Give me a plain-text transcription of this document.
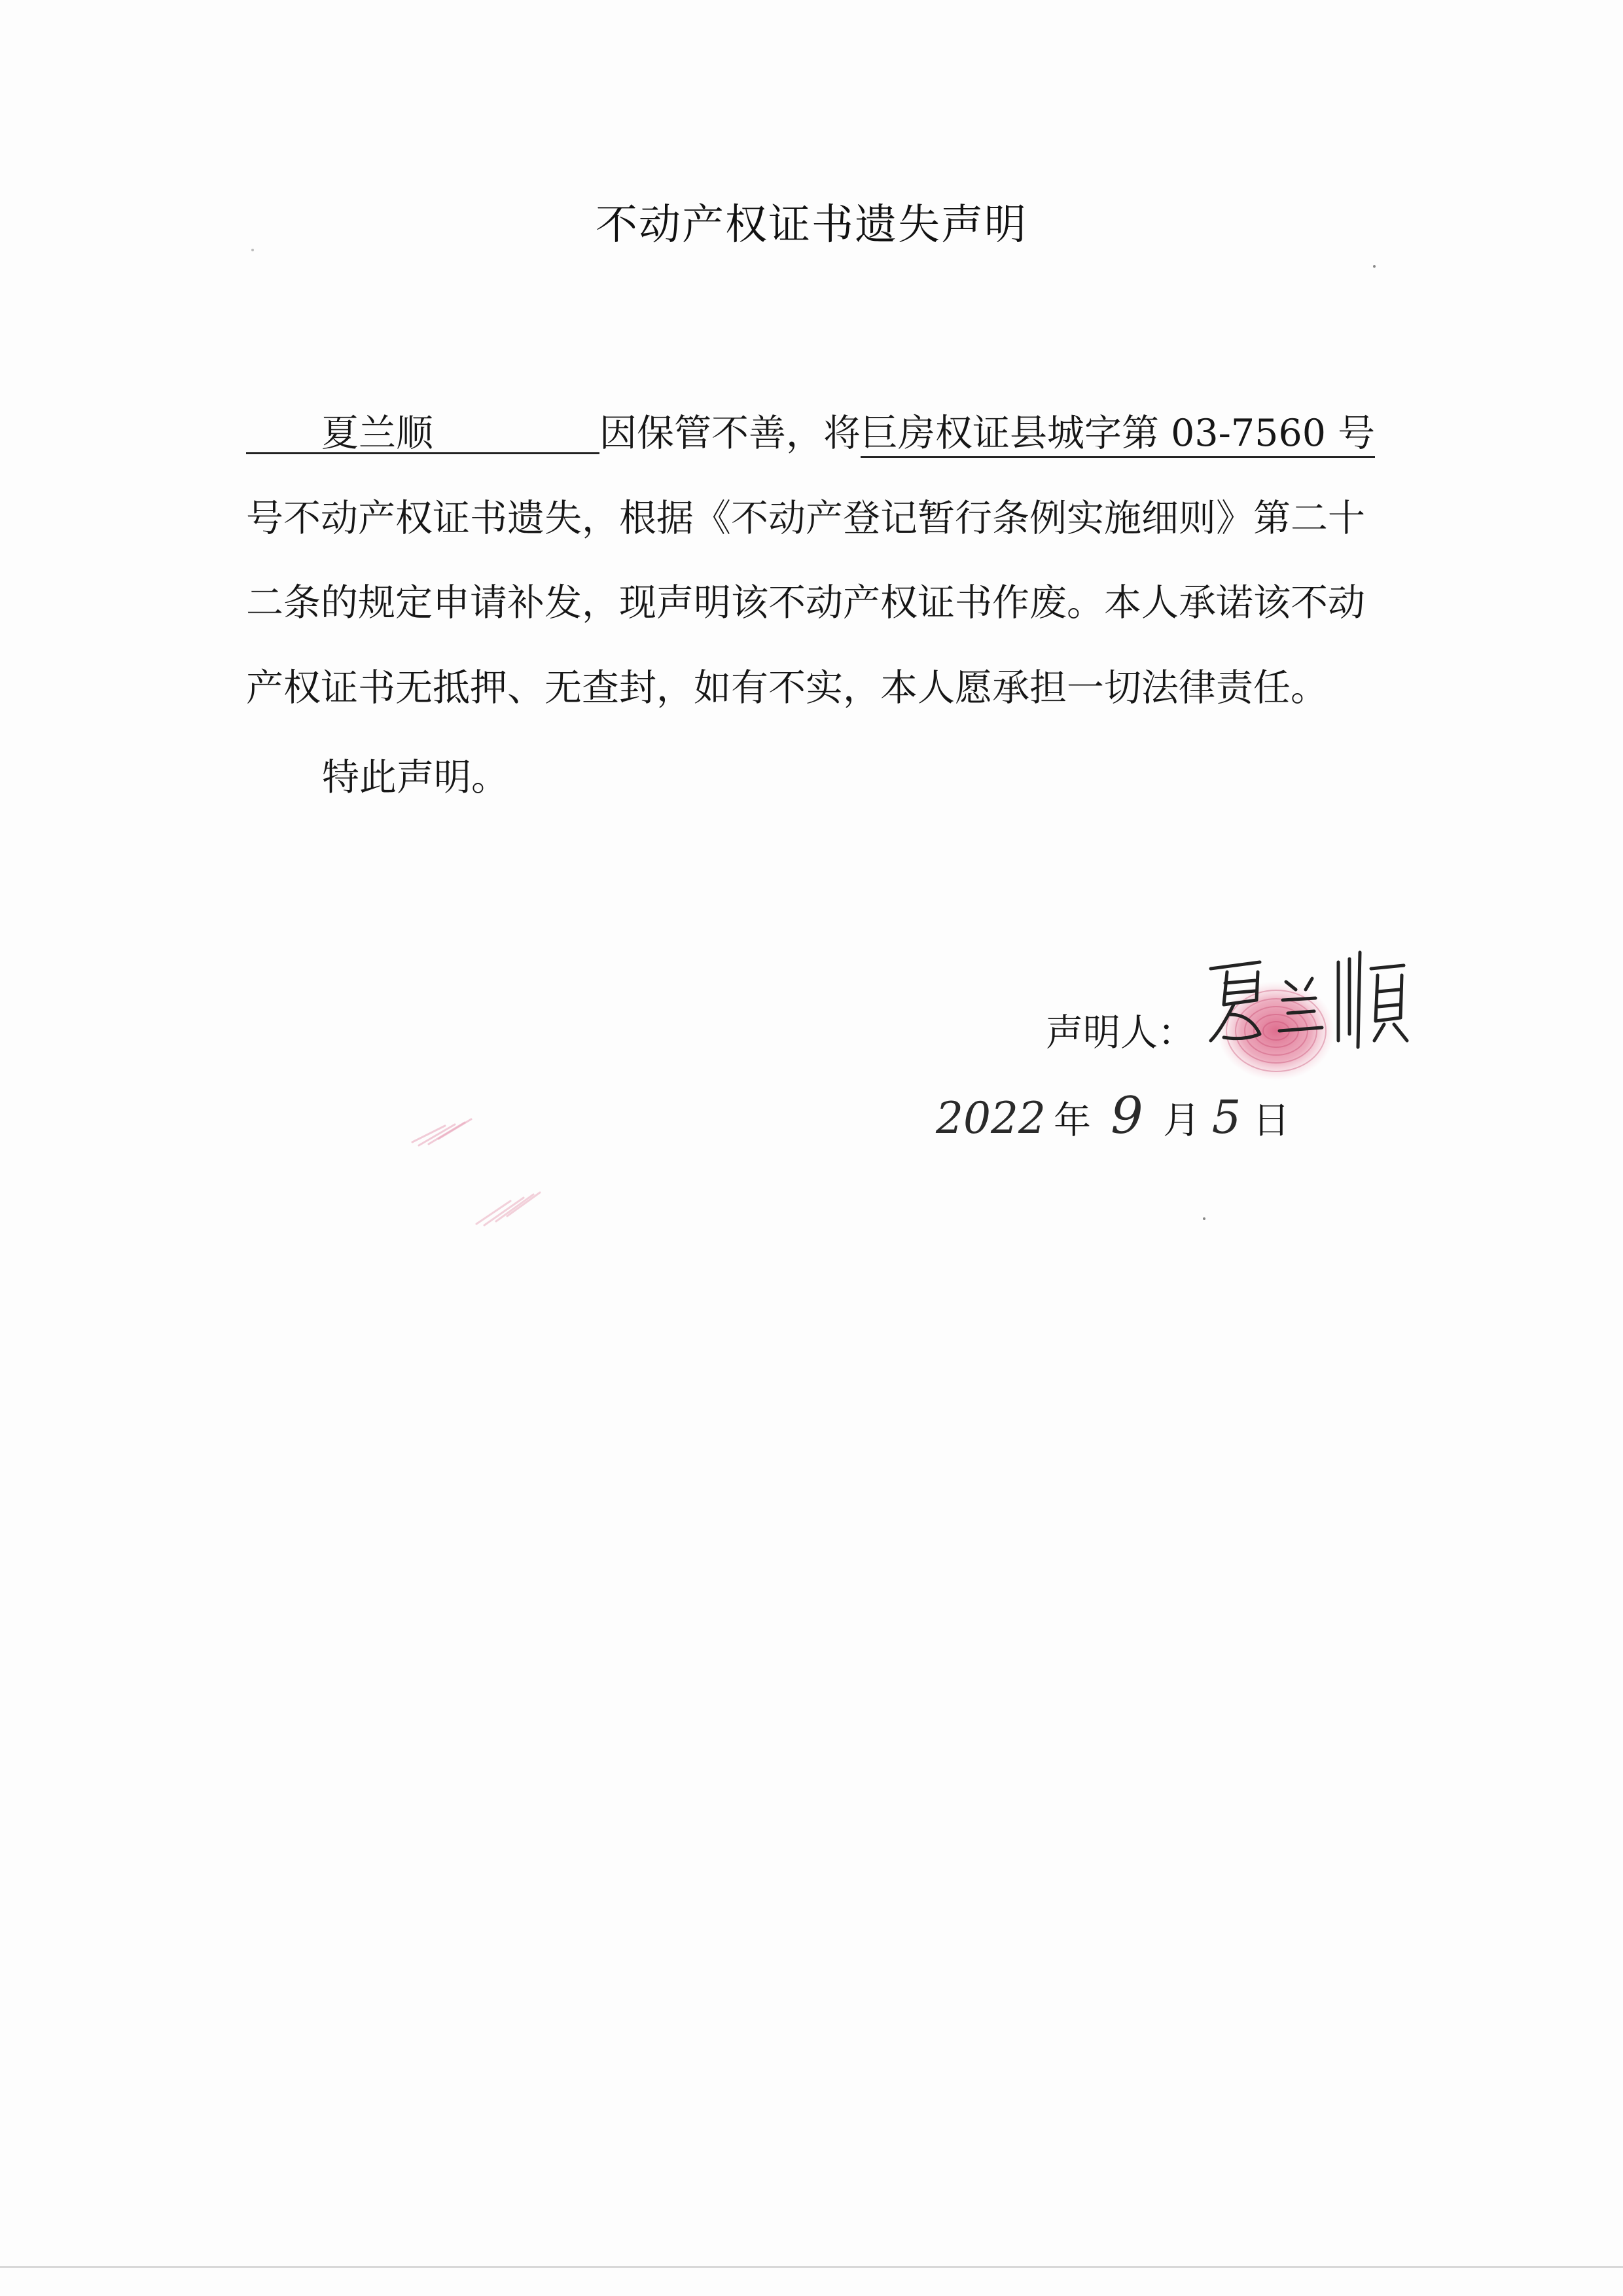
不动产权证书遗失声明
夏兰顺	因保管不善，将巨房权证县城字第 03-7560 号
号不动产权证书遗失，根据《不动产登记暂行条例实施细则》第二十
二条的规定申请补发，现声明该不动产权证书作废。本人承诺该不动
产权证书无抵押、无查封，如有不实，本人愿承担一切法律责任。
特此声明。
声明人：
2022 年 9 月 5 日
